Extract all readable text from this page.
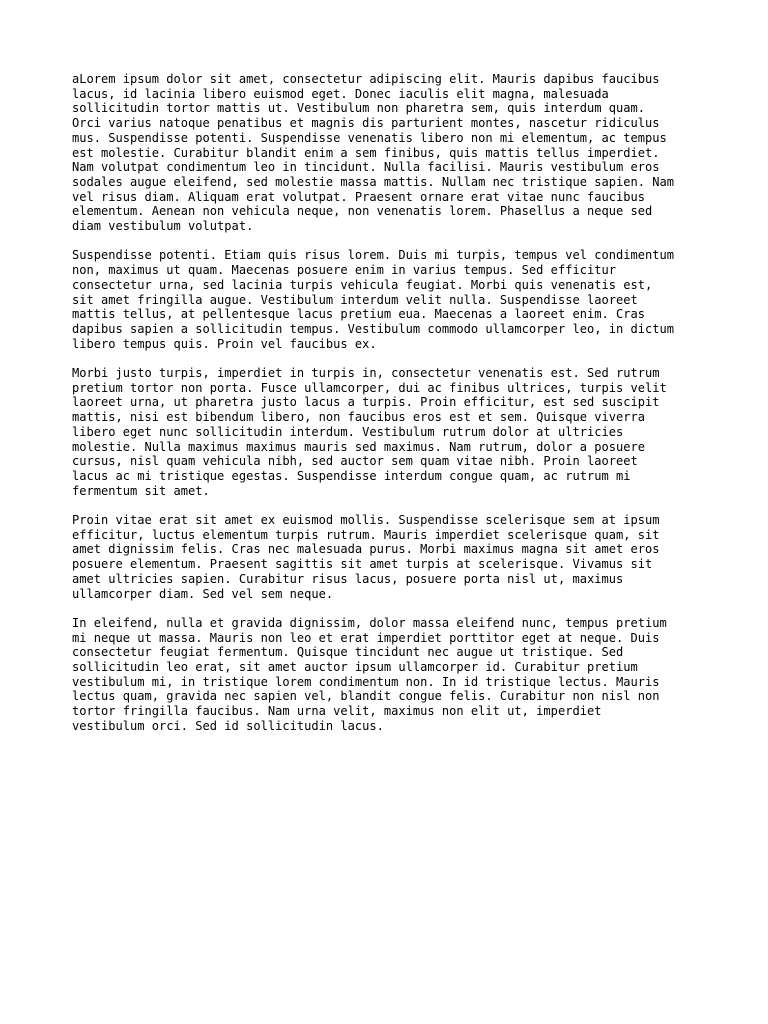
aLorem ipsum dolor sit amet, consectetur adipiscing elit. Mauris dapibus faucibus
lacus, id lacinia libero euismod eget. Donec iaculis elit magna, malesuada
sollicitudin tortor mattis ut. Vestibulum non pharetra sem, quis interdum quam.
Orci varius natoque penatibus et magnis dis parturient montes, nascetur ridiculus
mus. Suspendisse potenti. Suspendisse venenatis libero non mi elementum, ac tempus
est molestie. Curabitur blandit enim a sem finibus, quis mattis tellus imperdiet.
Nam volutpat condimentum leo in tincidunt. Nulla facilisi. Mauris vestibulum eros
sodales augue eleifend, sed molestie massa mattis. Nullam nec tristique sapien. Nam
vel risus diam. Aliquam erat volutpat. Praesent ornare erat vitae nunc faucibus
elementum. Aenean non vehicula neque, non venenatis lorem. Phasellus a neque sed
diam vestibulum volutpat.

Suspendisse potenti. Etiam quis risus lorem. Duis mi turpis, tempus vel condimentum
non, maximus ut quam. Maecenas posuere enim in varius tempus. Sed efficitur
consectetur urna, sed lacinia turpis vehicula feugiat. Morbi quis venenatis est,
sit amet fringilla augue. Vestibulum interdum velit nulla. Suspendisse laoreet
mattis tellus, at pellentesque lacus pretium eua. Maecenas a laoreet enim. Cras
dapibus sapien a sollicitudin tempus. Vestibulum commodo ullamcorper leo, in dictum
libero tempus quis. Proin vel faucibus ex.

Morbi justo turpis, imperdiet in turpis in, consectetur venenatis est. Sed rutrum
pretium tortor non porta. Fusce ullamcorper, dui ac finibus ultrices, turpis velit
laoreet urna, ut pharetra justo lacus a turpis. Proin efficitur, est sed suscipit
mattis, nisi est bibendum libero, non faucibus eros est et sem. Quisque viverra
libero eget nunc sollicitudin interdum. Vestibulum rutrum dolor at ultricies
molestie. Nulla maximus maximus mauris sed maximus. Nam rutrum, dolor a posuere
cursus, nisl quam vehicula nibh, sed auctor sem quam vitae nibh. Proin laoreet
lacus ac mi tristique egestas. Suspendisse interdum congue quam, ac rutrum mi
fermentum sit amet.

Proin vitae erat sit amet ex euismod mollis. Suspendisse scelerisque sem at ipsum
efficitur, luctus elementum turpis rutrum. Mauris imperdiet scelerisque quam, sit
amet dignissim felis. Cras nec malesuada purus. Morbi maximus magna sit amet eros
posuere elementum. Praesent sagittis sit amet turpis at scelerisque. Vivamus sit
amet ultricies sapien. Curabitur risus lacus, posuere porta nisl ut, maximus
ullamcorper diam. Sed vel sem neque.

In eleifend, nulla et gravida dignissim, dolor massa eleifend nunc, tempus pretium
mi neque ut massa. Mauris non leo et erat imperdiet porttitor eget at neque. Duis
consectetur feugiat fermentum. Quisque tincidunt nec augue ut tristique. Sed
sollicitudin leo erat, sit amet auctor ipsum ullamcorper id. Curabitur pretium
vestibulum mi, in tristique lorem condimentum non. In id tristique lectus. Mauris
lectus quam, gravida nec sapien vel, blandit congue felis. Curabitur non nisl non
tortor fringilla faucibus. Nam urna velit, maximus non elit ut, imperdiet
vestibulum orci. Sed id sollicitudin lacus.
